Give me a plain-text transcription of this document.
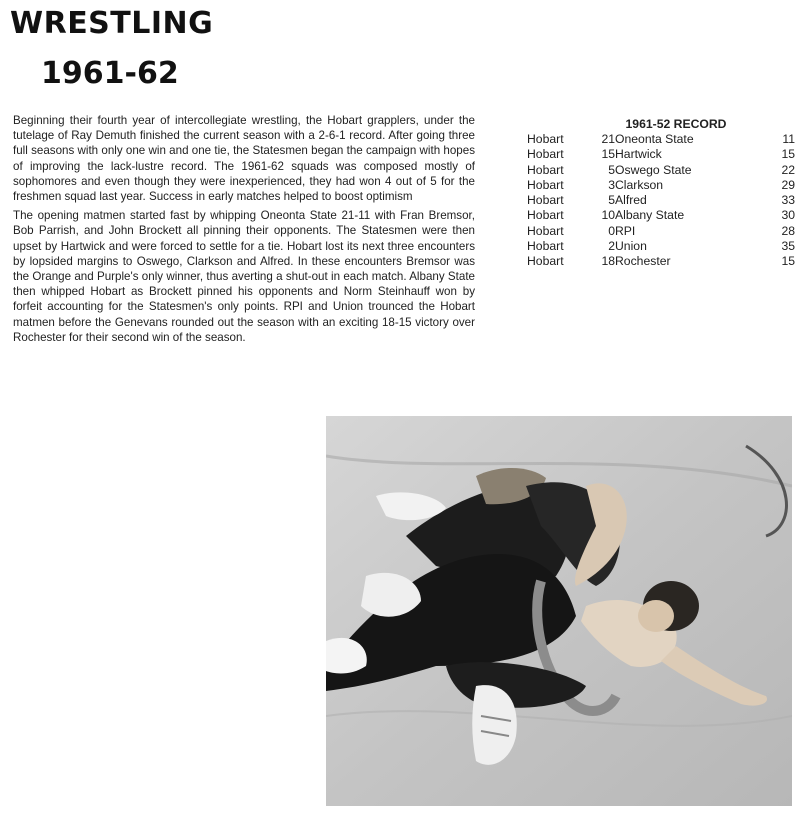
WRESTLING
1961-62

Beginning their fourth year of intercollegiate wrestling, the Hobart grapplers, under the tutelage of Ray Demuth finished the current season with a 2-6-1 record. After going three full seasons with only one win and one tie, the Statesmen began the campaign with hopes of improving the lack-lustre record. The 1961-62 squads was composed mostly of sophomores and even though they were inexperienced, they had won 4 out of 5 for the freshmen squad last year. Success in early matches helped to boost optimism

The opening matmen started fast by whipping Oneonta State 21-11 with Fran Bremsor, Bob Parrish, and John Brockett all pinning their opponents. The Statesmen were then upset by Hartwick and were forced to settle for a tie. Hobart lost its next three encounters by lopsided margins to Oswego, Clarkson and Alfred. In these encounters Bremsor was the Orange and Purple's only winner, thus averting a shut-out in each match. Albany State then whipped Hobart as Brockett pinned his opponents and Norm Steinhauff won by forfeit accounting for the Statesmen's only points. RPI and Union trounced the Hobart matmen before the Genevans rounded out the season with an exciting 18-15 victory over Rochester for their second win of the season.

1961-52 RECORD
Hobart	21	Oneonta State	11
Hobart	15	Hartwick	15
Hobart	5	Oswego State	22
Hobart	3	Clarkson	29
Hobart	5	Alfred	33
Hobart	10	Albany State	30
Hobart	0	RPI	28
Hobart	2	Union	35
Hobart	18	Rochester	15
